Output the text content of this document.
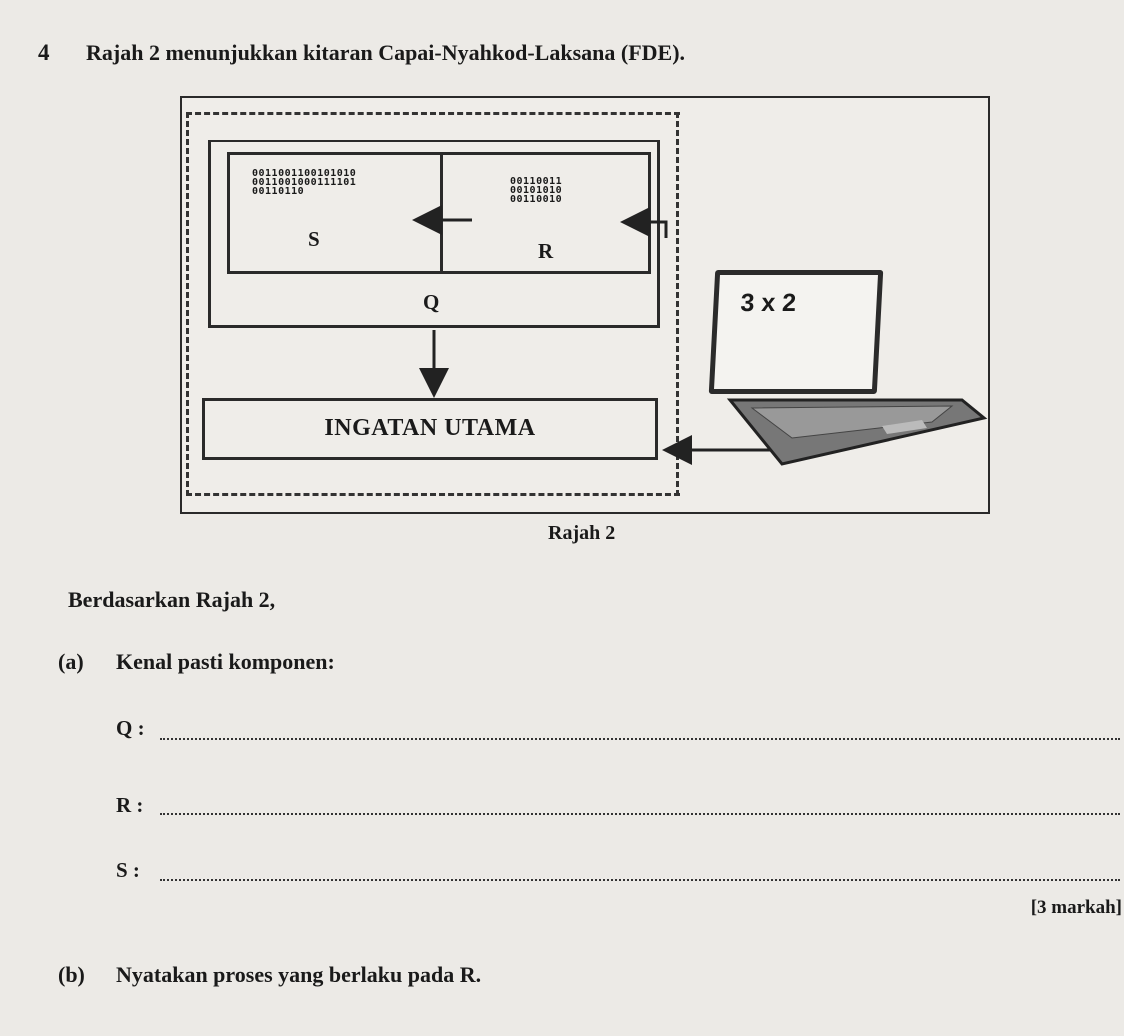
4 Rajah 2 menunjukkan kitaran Capai-Nyahkod-Laksana (FDE).
0011001100101010
0011001000111101
00110110
00110011
00101010
00110010
S	R
Q
INGATAN UTAMA
3 x 2
Rajah 2
Berdasarkan Rajah 2,
(a) Kenal pasti komponen:
Q :
R :
S :
[3 markah]
(b) Nyatakan proses yang berlaku pada R.
